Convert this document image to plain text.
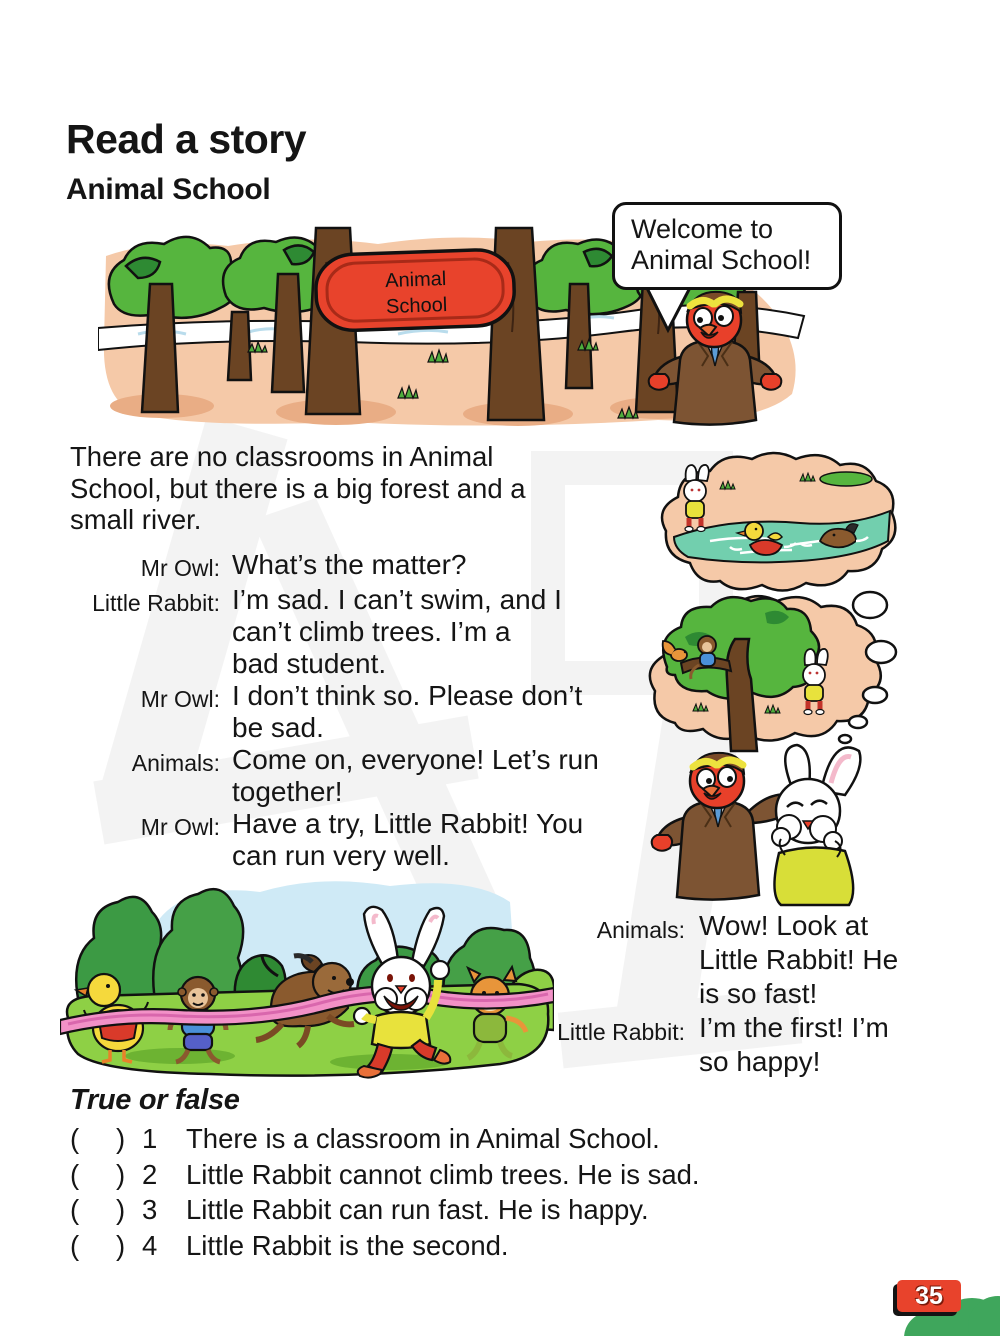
Read a story
Animal School
Animal
School
Welcome to
Animal School!
There are no classrooms in Animal
School, but there is a big forest and a
small river.
Mr Owl: What’s the matter?
Little Rabbit: I’m sad. I can’t swim, and I
can’t climb trees. I’m a
bad student.
Mr Owl: I don’t think so. Please don’t
be sad.
Animals: Come on, everyone! Let’s run
together!
Mr Owl: Have a try, Little Rabbit! You
can run very well.
Animals: Wow! Look at
Little Rabbit! He
is so fast!
Little Rabbit: I’m the first! I’m
so happy!
True or false
(	) 1	There is a classroom in Animal School.
(	) 2	Little Rabbit cannot climb trees. He is sad.
(	) 3	Little Rabbit can run fast. He is happy.
(	) 4	Little Rabbit is the second.
35
